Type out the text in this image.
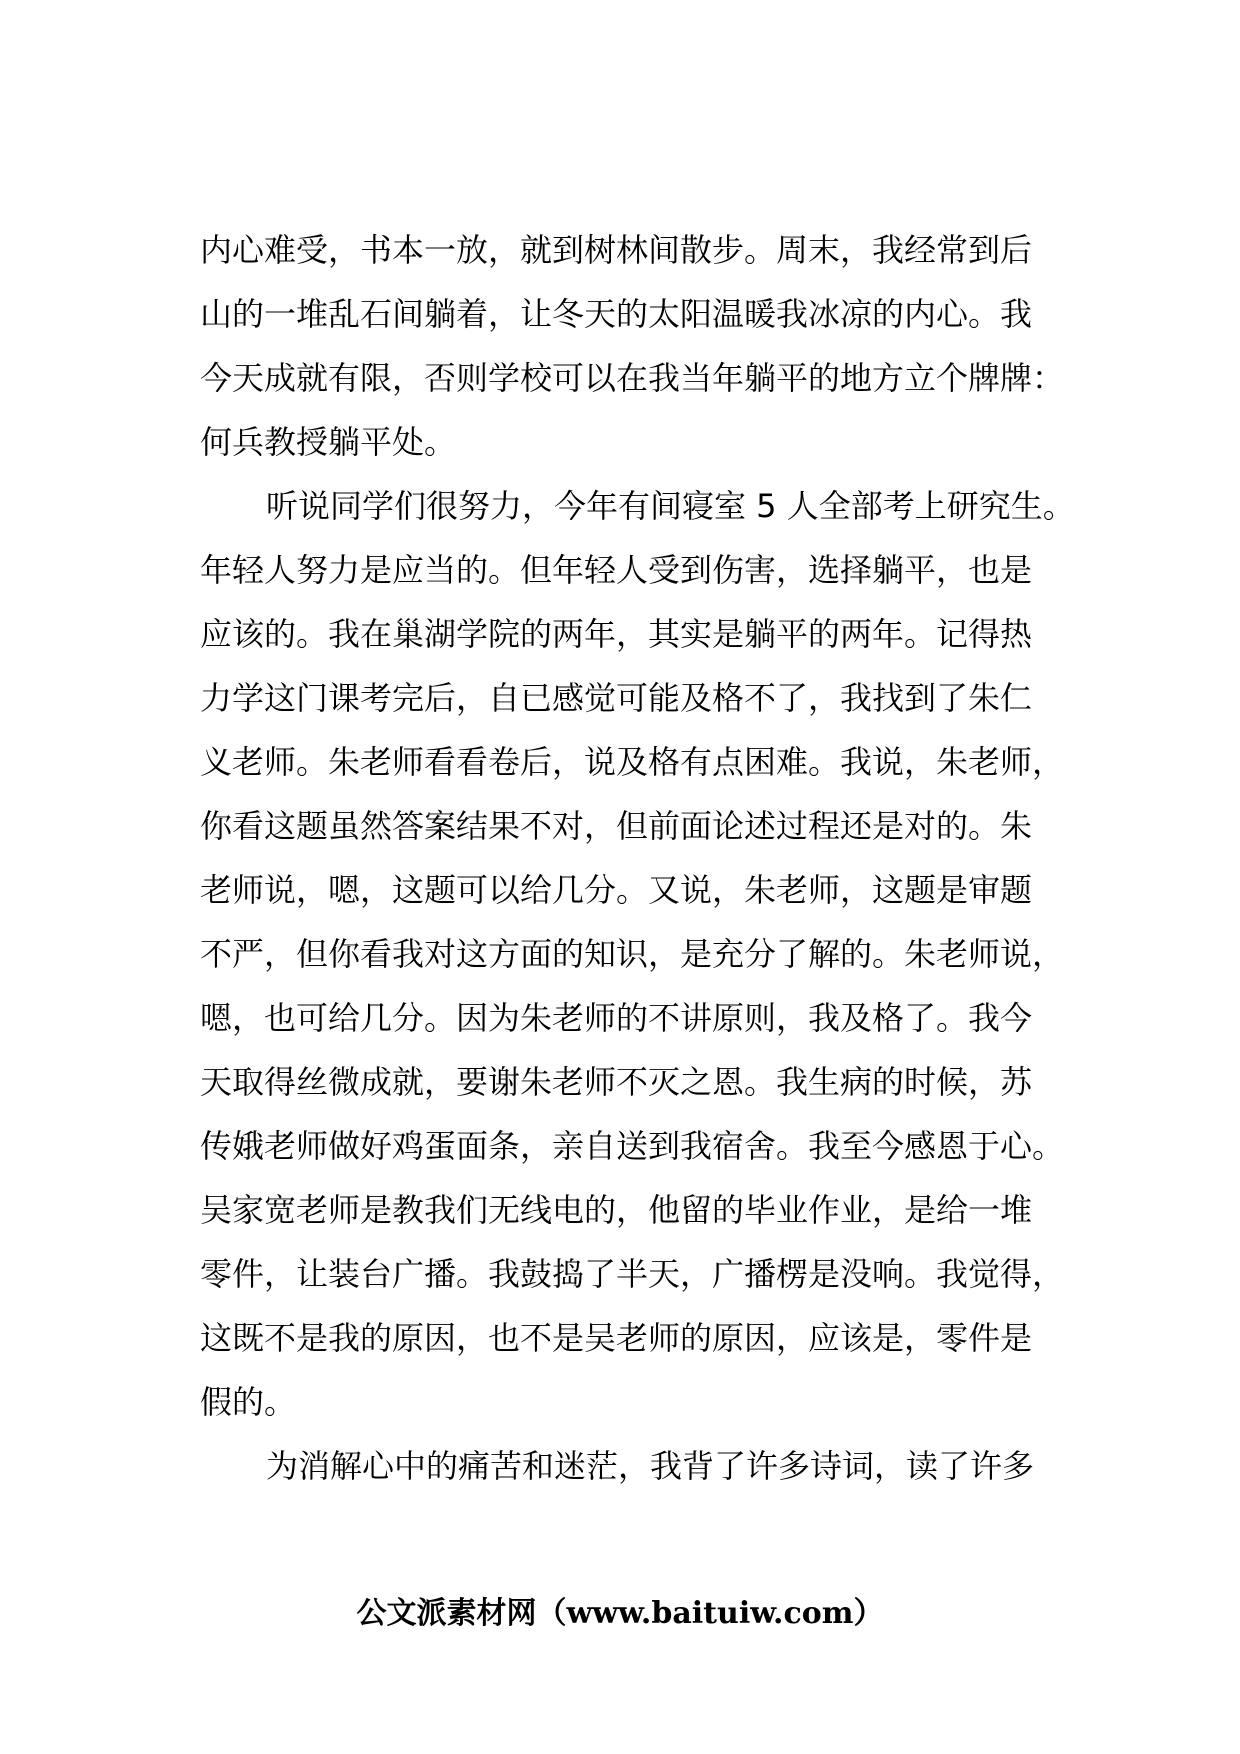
内心难受，书本一放，就到树林间散步。周末，我经常到后
山的一堆乱石间躺着，让冬天的太阳温暖我冰凉的内心。我
今天成就有限，否则学校可以在我当年躺平的地方立个牌牌：
何兵教授躺平处。
听说同学们很努力，今年有间寝室 5 人全部考上研究生。
年轻人努力是应当的。但年轻人受到伤害，选择躺平，也是
应该的。我在巢湖学院的两年，其实是躺平的两年。记得热
力学这门课考完后，自已感觉可能及格不了，我找到了朱仁
义老师。朱老师看看卷后，说及格有点困难。我说，朱老师，
你看这题虽然答案结果不对，但前面论述过程还是对的。朱
老师说，嗯，这题可以给几分。又说，朱老师，这题是审题
不严，但你看我对这方面的知识，是充分了解的。朱老师说，
嗯，也可给几分。因为朱老师的不讲原则，我及格了。我今
天取得丝微成就，要谢朱老师不灭之恩。我生病的时候，苏
传娥老师做好鸡蛋面条，亲自送到我宿舍。我至今感恩于心。
吴家宽老师是教我们无线电的，他留的毕业作业，是给一堆
零件，让装台广播。我鼓捣了半天，广播楞是没响。我觉得，
这既不是我的原因，也不是吴老师的原因，应该是，零件是
假的。
为消解心中的痛苦和迷茫，我背了许多诗词，读了许多
公文派素材网（www.baituiw.com）
